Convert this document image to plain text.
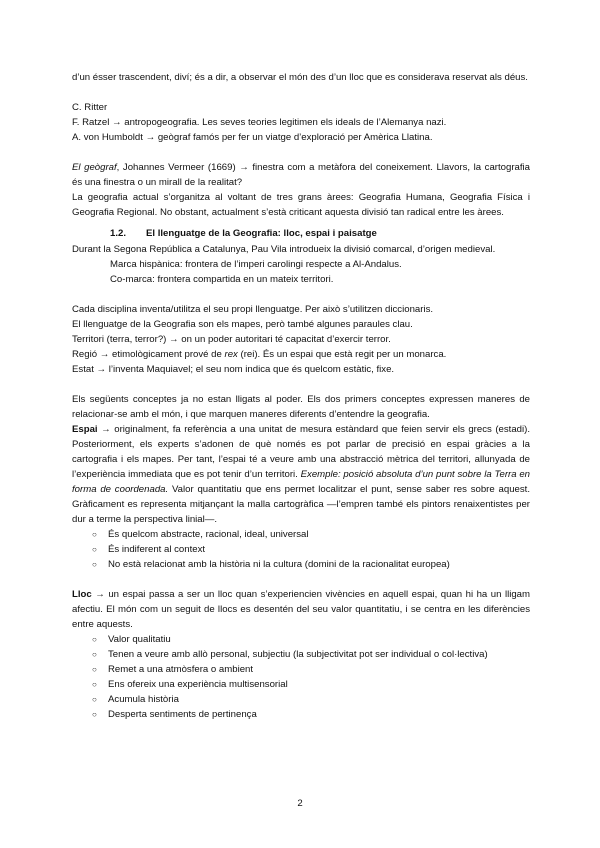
d’un ésser trascendent, diví; és a dir, a observar el món des d’un lloc que es considerava reservat als déus.

C. Ritter

F. Ratzel → antropogeografia. Les seves teories legitimen els ideals de l’Alemanya nazi.

A. von Humboldt → geògraf famós per fer un viatge d’exploració per Amèrica Llatina.

El geògraf, Johannes Vermeer (1669) → finestra com a metàfora del coneixement. Llavors, la cartografia és una finestra o un mirall de la realitat?

La geografia actual s’organitza al voltant de tres grans àrees: Geografia Humana, Geografia Física i Geografia Regional. No obstant, actualment s’està criticant aquesta divisió tan radical entre les àrees.

1.2. El llenguatge de la Geografia: lloc, espai i paisatge

Durant la Segona República a Catalunya, Pau Vila introdueix la divisió comarcal, d’origen medieval.

Marca hispànica: frontera de l’imperi carolingi respecte a Al-Andalus.

Co-marca: frontera compartida en un mateix territori.

Cada disciplina inventa/utilitza el seu propi llenguatge. Per això s’utilitzen diccionaris.

El llenguatge de la Geografia son els mapes, però també algunes paraules clau.

Territori (terra, terror?) → on un poder autoritari té capacitat d’exercir terror.

Regió → etimològicament prové de rex (rei). És un espai que està regit per un monarca.

Estat → l’inventa Maquiavel; el seu nom indica que és quelcom estàtic, fixe.

Els següents conceptes ja no estan lligats al poder. Els dos primers conceptes expressen maneres de relacionar-se amb el món, i que marquen maneres diferents d’entendre la geografia.

Espai → originalment, fa referència a una unitat de mesura estàndard que feien servir els grecs (estadi). Posteriorment, els experts s’adonen de què només es pot parlar de precisió en espai gràcies a la cartografia i els mapes. Per tant, l’espai té a veure amb una abstracció mètrica del territori, allunyada de l’experiència immediata que es pot tenir d’un territori. Exemple: posició absoluta d’un punt sobre la Terra en forma de coordenada. Valor quantitatiu que ens permet localitzar el punt, sense saber res sobre aquest. Gràficament es representa mitjançant la malla cartogràfica —l’empren també els pintors renaixentistes per dur a terme la perspectiva linial—.

○ És quelcom abstracte, racional, ideal, universal
○ És indiferent al context
○ No està relacionat amb la història ni la cultura (domini de la racionalitat europea)

Lloc → un espai passa a ser un lloc quan s’experiencien vivències en aquell espai, quan hi ha un lligam afectiu. El món com un seguit de llocs es desentén del seu valor quantitatiu, i se centra en les diferències entre aquests.

○ Valor qualitatiu
○ Tenen a veure amb allò personal, subjectiu (la subjectivitat pot ser individual o col·lectiva)
○ Remet a una atmòsfera o ambient
○ Ens ofereix una experiència multisensorial
○ Acumula història
○ Desperta sentiments de pertinença
2
